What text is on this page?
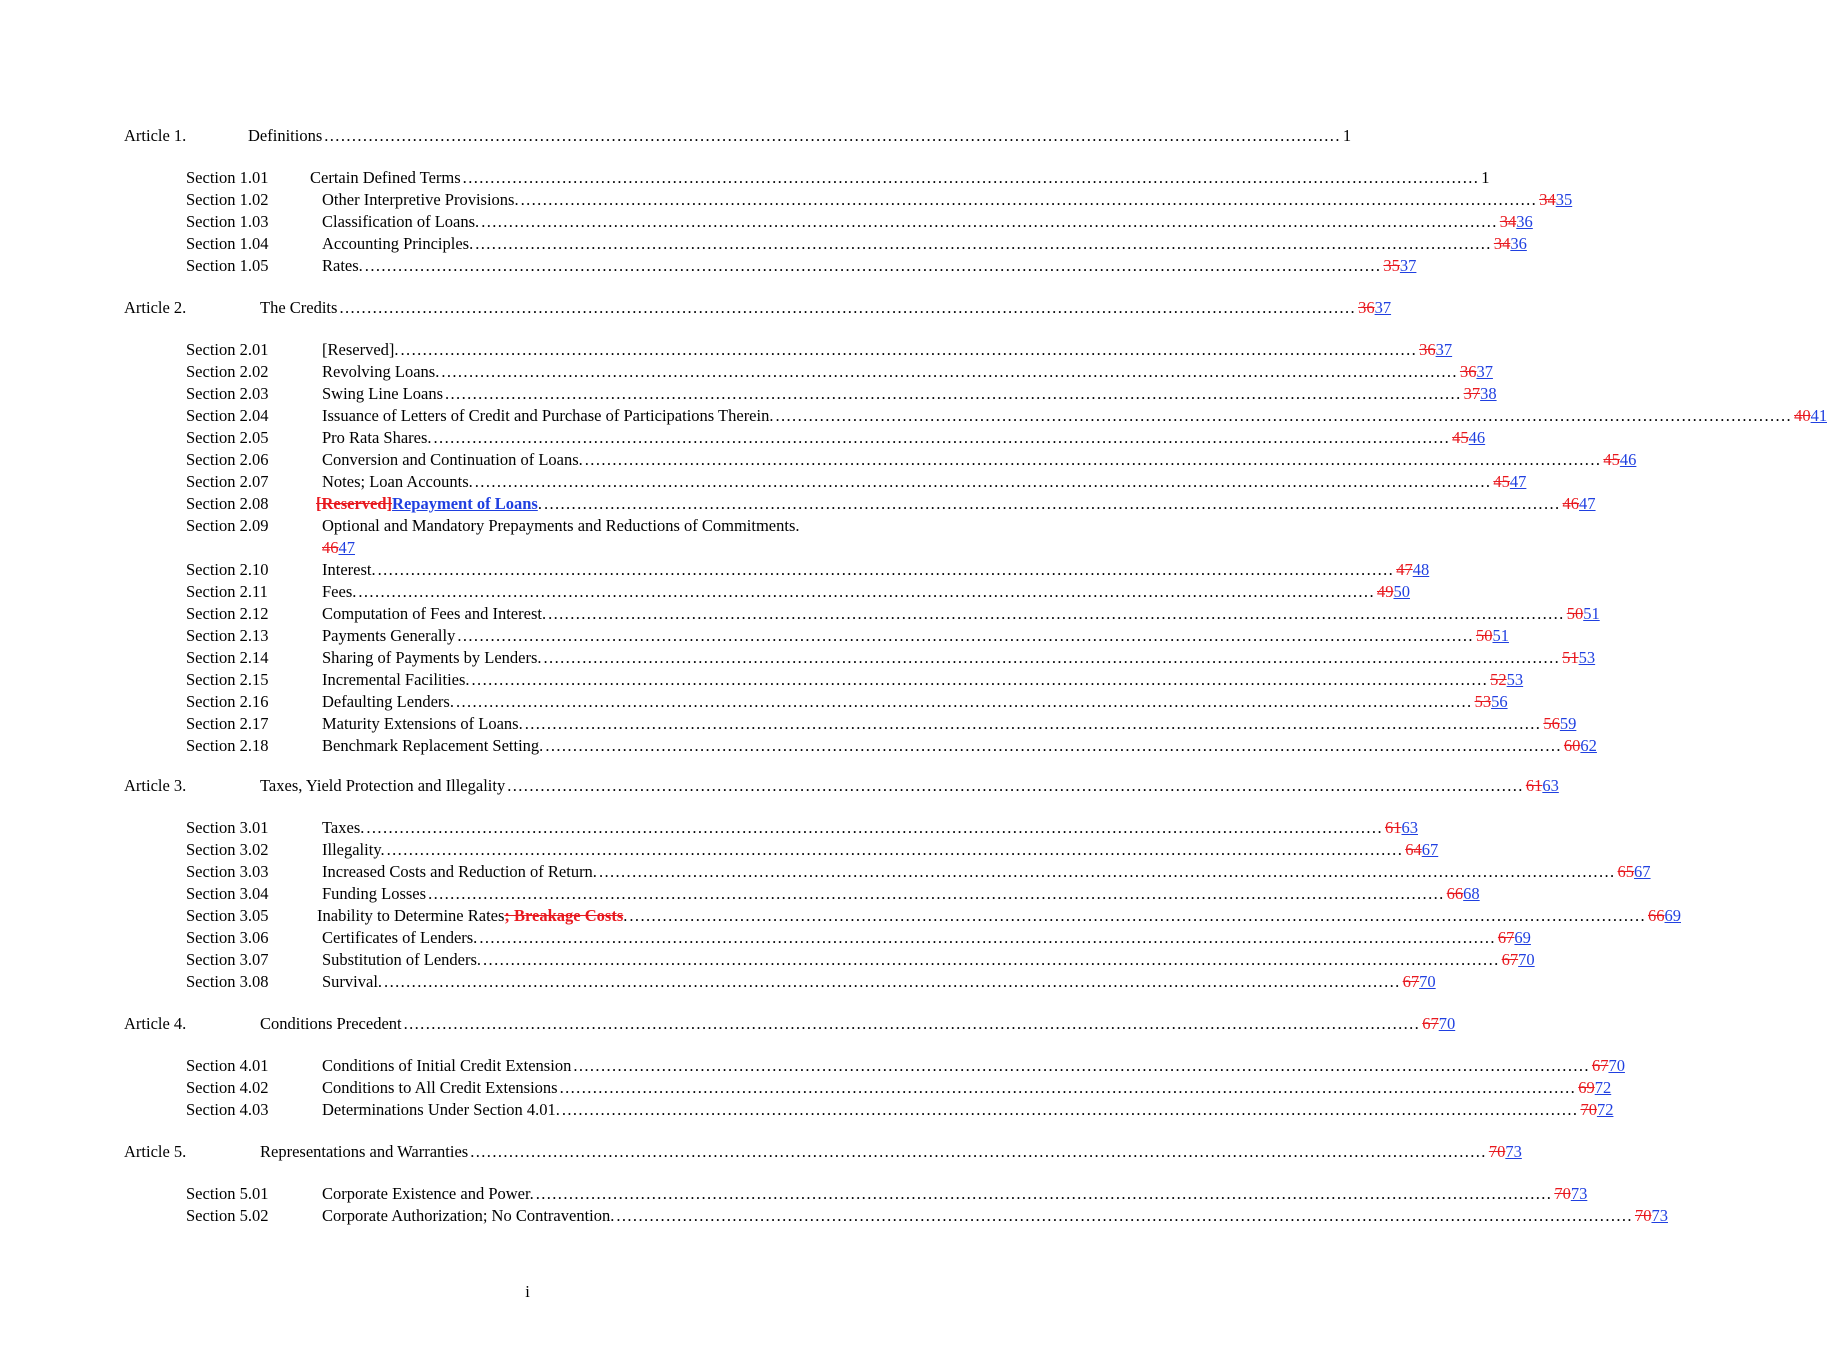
Article 1.	Definitions ........................................................................................................................................................................................ 1
Section 1.01	Certain Defined Terms ........................................................................................................................................................................................ 1
Section 1.02	Other Interpretive Provisions. ........................................................................................................................................................................................ 3435
Section 1.03	Classification of Loans. ........................................................................................................................................................................................ 3436
Section 1.04	Accounting Principles. ........................................................................................................................................................................................ 3436
Section 1.05	Rates. ........................................................................................................................................................................................ 3537
Article 2.	The Credits ........................................................................................................................................................................................ 3637
Section 2.01	[Reserved]. ........................................................................................................................................................................................ 3637
Section 2.02	Revolving Loans. ........................................................................................................................................................................................ 3637
Section 2.03	Swing Line Loans ........................................................................................................................................................................................ 3738
Section 2.04	Issuance of Letters of Credit and Purchase of Participations Therein. ........................................................................................................................................................................................ 4041
Section 2.05	Pro Rata Shares. ........................................................................................................................................................................................ 4546
Section 2.06	Conversion and Continuation of Loans. ........................................................................................................................................................................................ 4546
Section 2.07	Notes; Loan Accounts. ........................................................................................................................................................................................ 4547
Section 2.08	[Reserved]Repayment of Loans. ........................................................................................................................................................................................ 4647
Section 2.09	Optional and Mandatory Prepayments and Reductions of Commitments.
4647
Section 2.10	Interest. ........................................................................................................................................................................................ 4748
Section 2.11	Fees. ........................................................................................................................................................................................ 4950
Section 2.12	Computation of Fees and Interest. ........................................................................................................................................................................................ 5051
Section 2.13	Payments Generally ........................................................................................................................................................................................ 5051
Section 2.14	Sharing of Payments by Lenders. ........................................................................................................................................................................................ 5153
Section 2.15	Incremental Facilities. ........................................................................................................................................................................................ 5253
Section 2.16	Defaulting Lenders. ........................................................................................................................................................................................ 5356
Section 2.17	Maturity Extensions of Loans. ........................................................................................................................................................................................ 5659
Section 2.18	Benchmark Replacement Setting. ........................................................................................................................................................................................ 6062
Article 3.	Taxes, Yield Protection and Illegality ........................................................................................................................................................................................ 6163
Section 3.01	Taxes. ........................................................................................................................................................................................ 6163
Section 3.02	Illegality. ........................................................................................................................................................................................ 6467
Section 3.03	Increased Costs and Reduction of Return. ........................................................................................................................................................................................ 6567
Section 3.04	Funding Losses ........................................................................................................................................................................................ 6668
Section 3.05	Inability to Determine Rates; Breakage Costs. ........................................................................................................................................................................................ 6669
Section 3.06	Certificates of Lenders. ........................................................................................................................................................................................ 6769
Section 3.07	Substitution of Lenders. ........................................................................................................................................................................................ 6770
Section 3.08	Survival. ........................................................................................................................................................................................ 6770
Article 4.	Conditions Precedent ........................................................................................................................................................................................ 6770
Section 4.01	Conditions of Initial Credit Extension ........................................................................................................................................................................................ 6770
Section 4.02	Conditions to All Credit Extensions ........................................................................................................................................................................................ 6972
Section 4.03	Determinations Under Section 4.01. ........................................................................................................................................................................................ 7072
Article 5.	Representations and Warranties ........................................................................................................................................................................................ 7073
Section 5.01	Corporate Existence and Power. ........................................................................................................................................................................................ 7073
Section 5.02	Corporate Authorization; No Contravention. ........................................................................................................................................................................................ 7073
i
